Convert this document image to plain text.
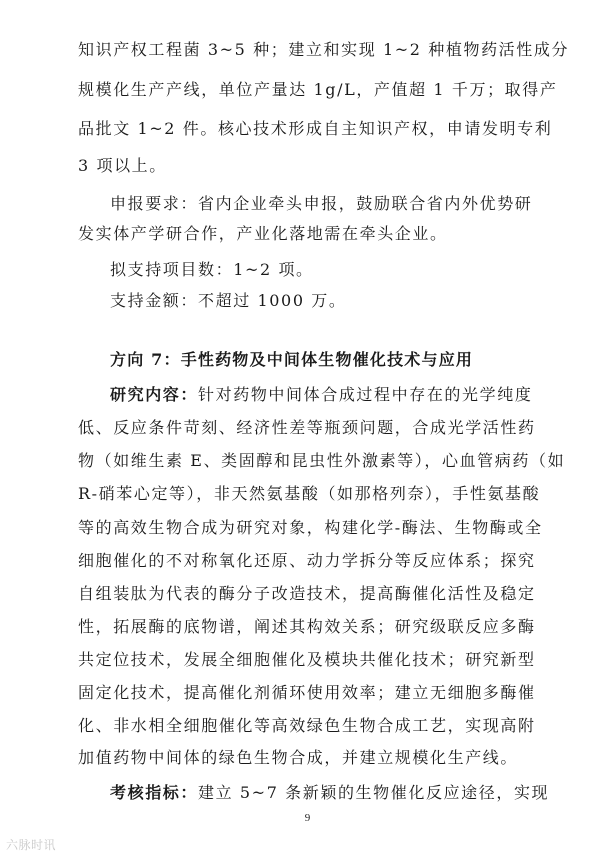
知识产权工程菌 3~5 种；建立和实现 1~2 种植物药活性成分
规模化生产产线，单位产量达 1g/L，产值超 1 千万；取得产
品批文 1~2 件。核心技术形成自主知识产权，申请发明专利
3 项以上。
申报要求：省内企业牵头申报，鼓励联合省内外优势研
发实体产学研合作，产业化落地需在牵头企业。
拟支持项目数：1~2 项。
支持金额：不超过 1000 万。
方向 7：手性药物及中间体生物催化技术与应用
研究内容：针对药物中间体合成过程中存在的光学纯度
低、反应条件苛刻、经济性差等瓶颈问题，合成光学活性药
物（如维生素 E、类固醇和昆虫性外激素等），心血管病药（如
R-硝苯心定等），非天然氨基酸（如那格列奈），手性氨基酸
等的高效生物合成为研究对象，构建化学-酶法、生物酶或全
细胞催化的不对称氧化还原、动力学拆分等反应体系；探究
自组装肽为代表的酶分子改造技术，提高酶催化活性及稳定
性，拓展酶的底物谱，阐述其构效关系；研究级联反应多酶
共定位技术，发展全细胞催化及模块共催化技术；研究新型
固定化技术，提高催化剂循环使用效率；建立无细胞多酶催
化、非水相全细胞催化等高效绿色生物合成工艺，实现高附
加值药物中间体的绿色生物合成，并建立规模化生产线。
考核指标：建立 5~7 条新颖的生物催化反应途径，实现
9
六脉时讯
